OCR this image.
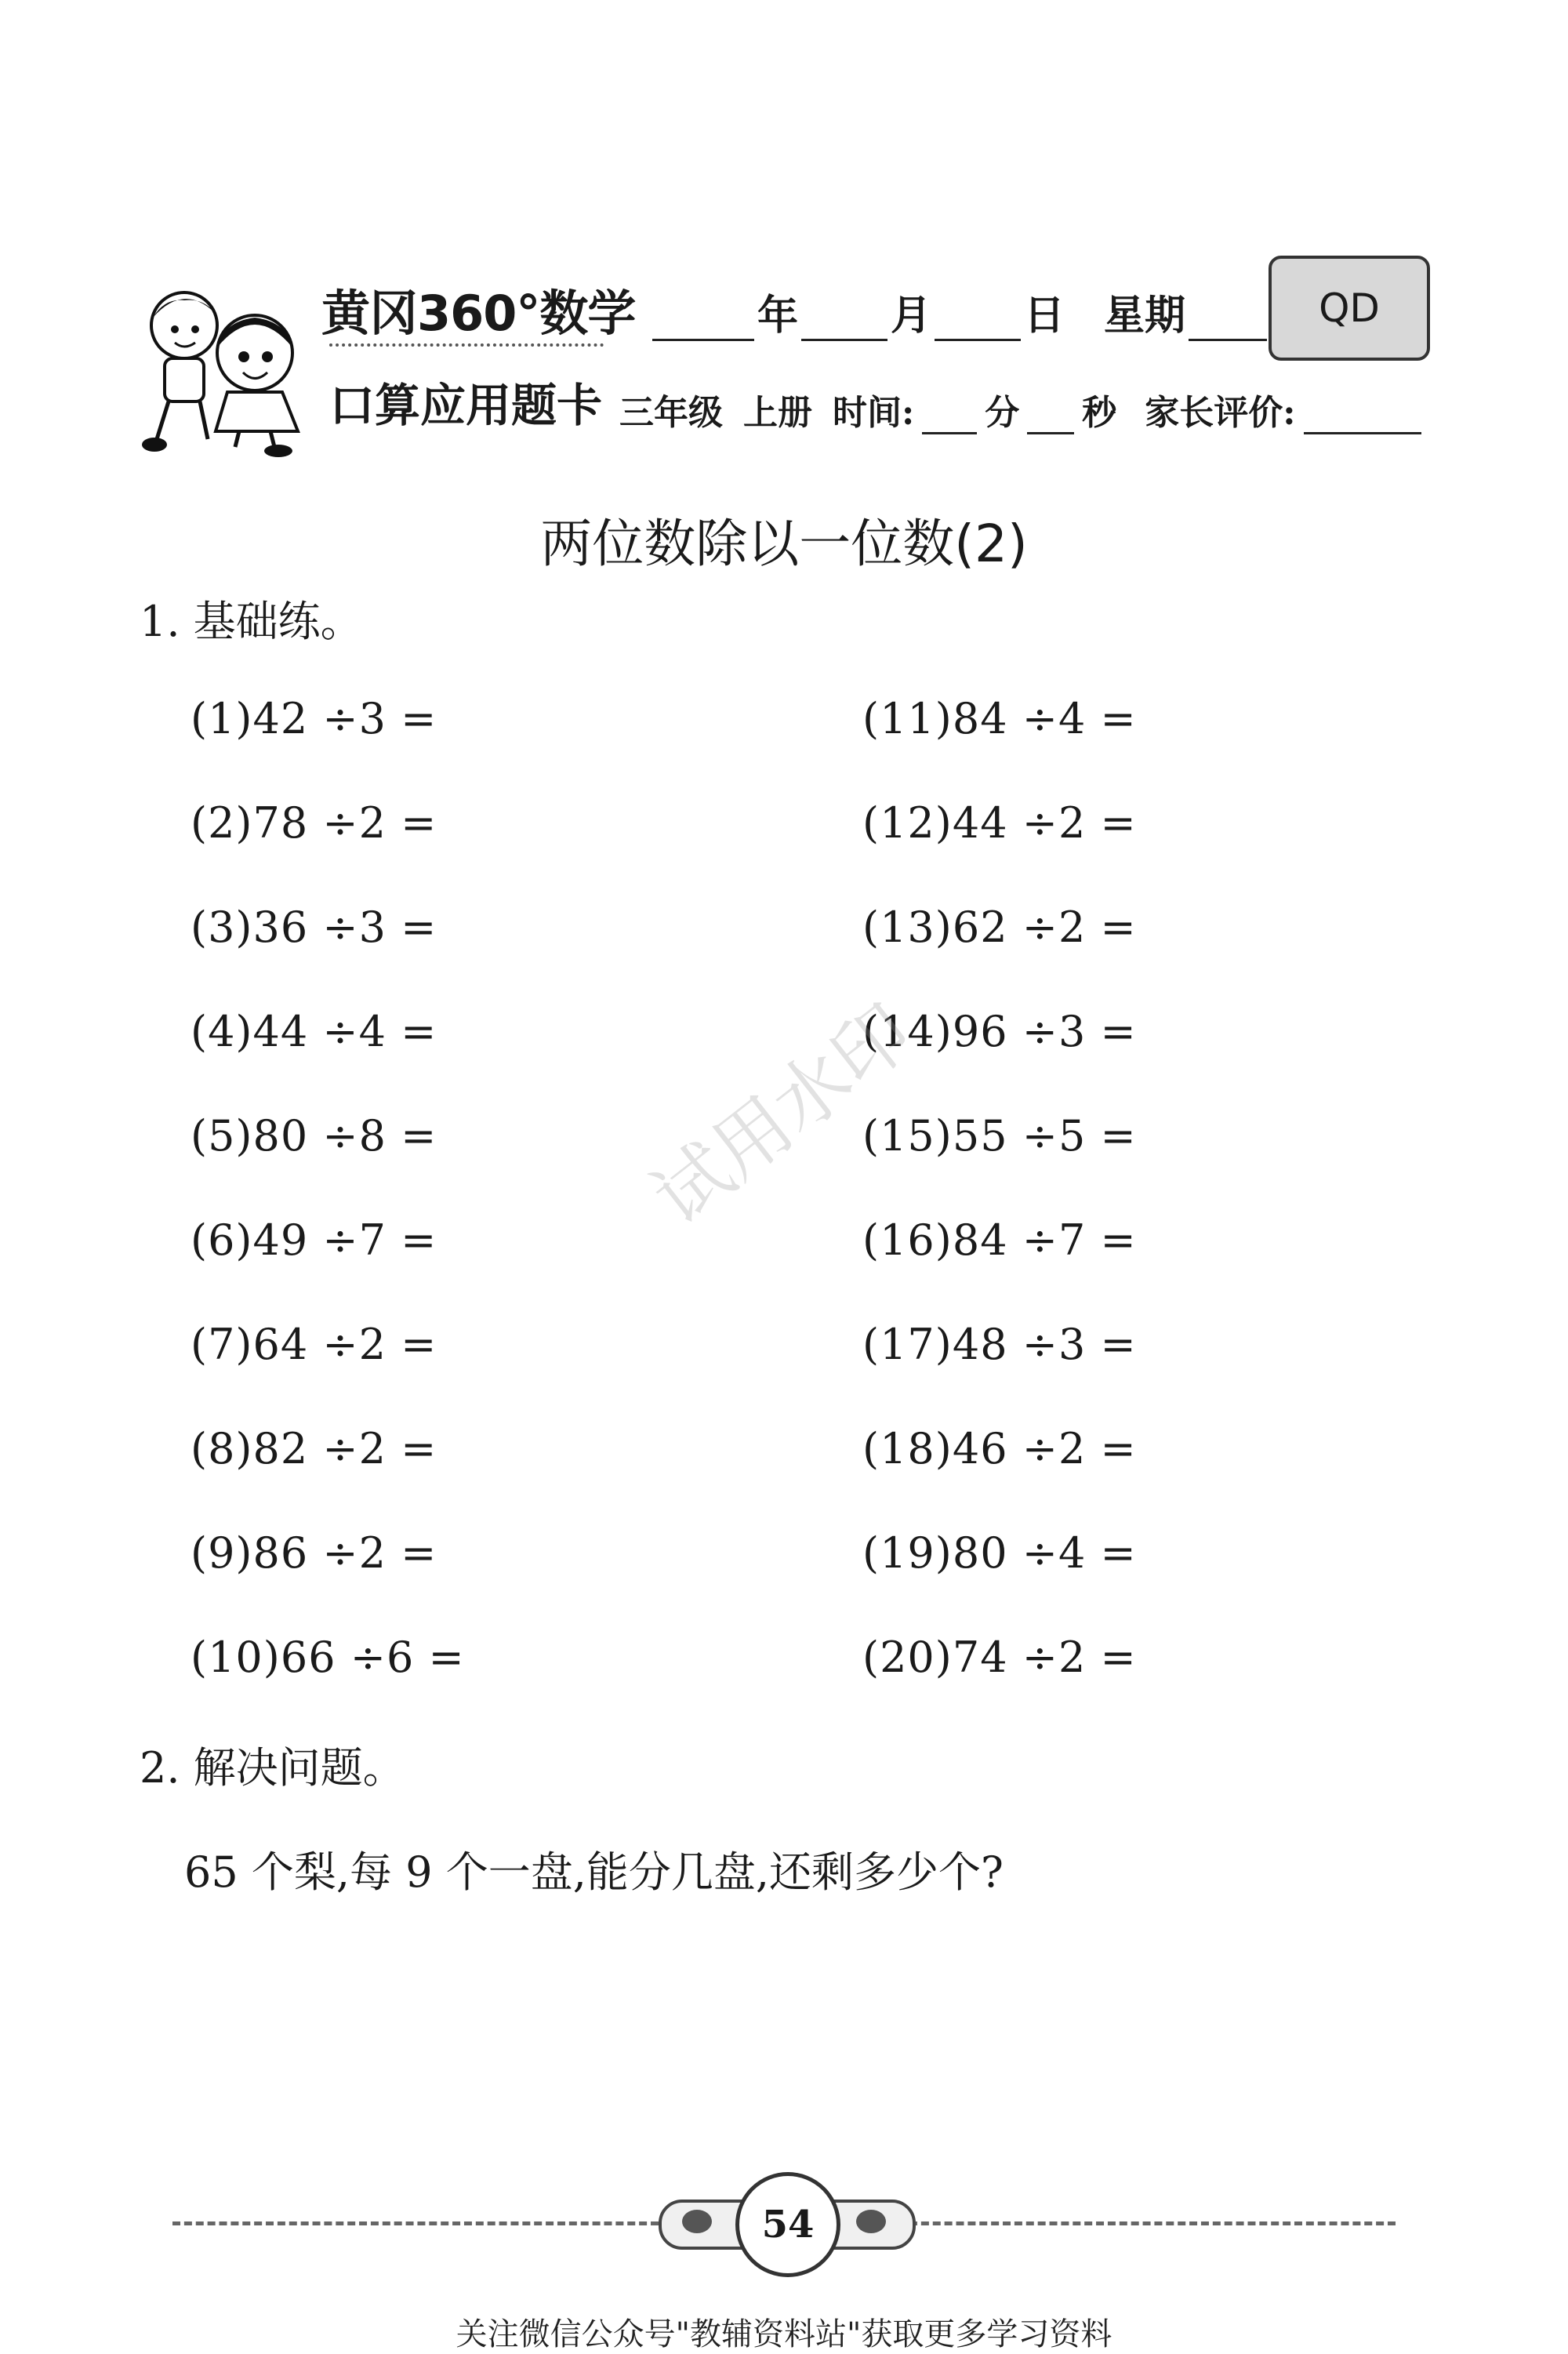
黄冈360°数学
口算应用题卡
年 月 日 星期	QD
三年级 上册 时间: 分 秒 家长评价:
两位数除以一位数(2)
1. 基础练。
(1)42 ÷3 =
(2)78 ÷2 =
(3)36 ÷3 =
(4)44 ÷4 =
(5)80 ÷8 =
(6)49 ÷7 =
(7)64 ÷2 =
(8)82 ÷2 =
(9)86 ÷2 =
(10)66 ÷6 =
(11)84 ÷4 =
(12)44 ÷2 =
(13)62 ÷2 =
(14)96 ÷3 =
(15)55 ÷5 =
(16)84 ÷7 =
(17)48 ÷3 =
(18)46 ÷2 =
(19)80 ÷4 =
(20)74 ÷2 =
2. 解决问题。
65 个梨,每 9 个一盘,能分几盘,还剩多少个?
试用水印
54
关注微信公众号"教辅资料站"获取更多学习资料
